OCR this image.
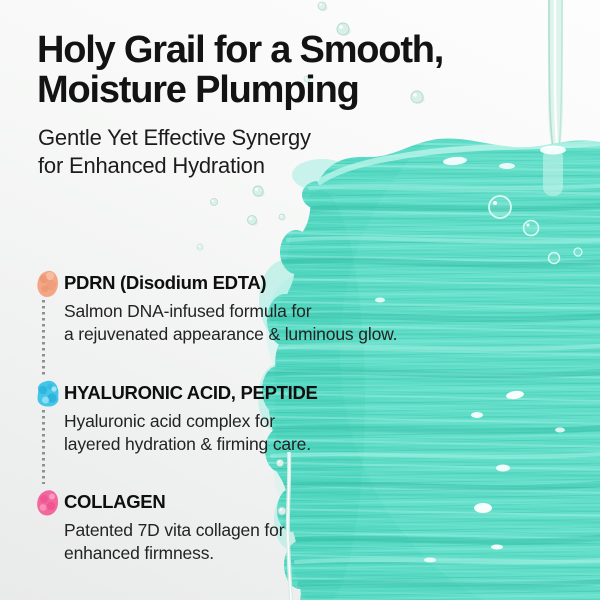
Holy Grail for a Smooth,
Moisture Plumping

Gentle Yet Effective Synergy
for Enhanced Hydration

PDRN (Disodium EDTA)

Salmon DNA-infused formula for
a rejuvenated appearance & luminous glow.

HYALURONIC ACID, PEPTIDE

Hyaluronic acid complex for
layered hydration & firming care.

COLLAGEN

Patented 7D vita collagen for
enhanced firmness.
